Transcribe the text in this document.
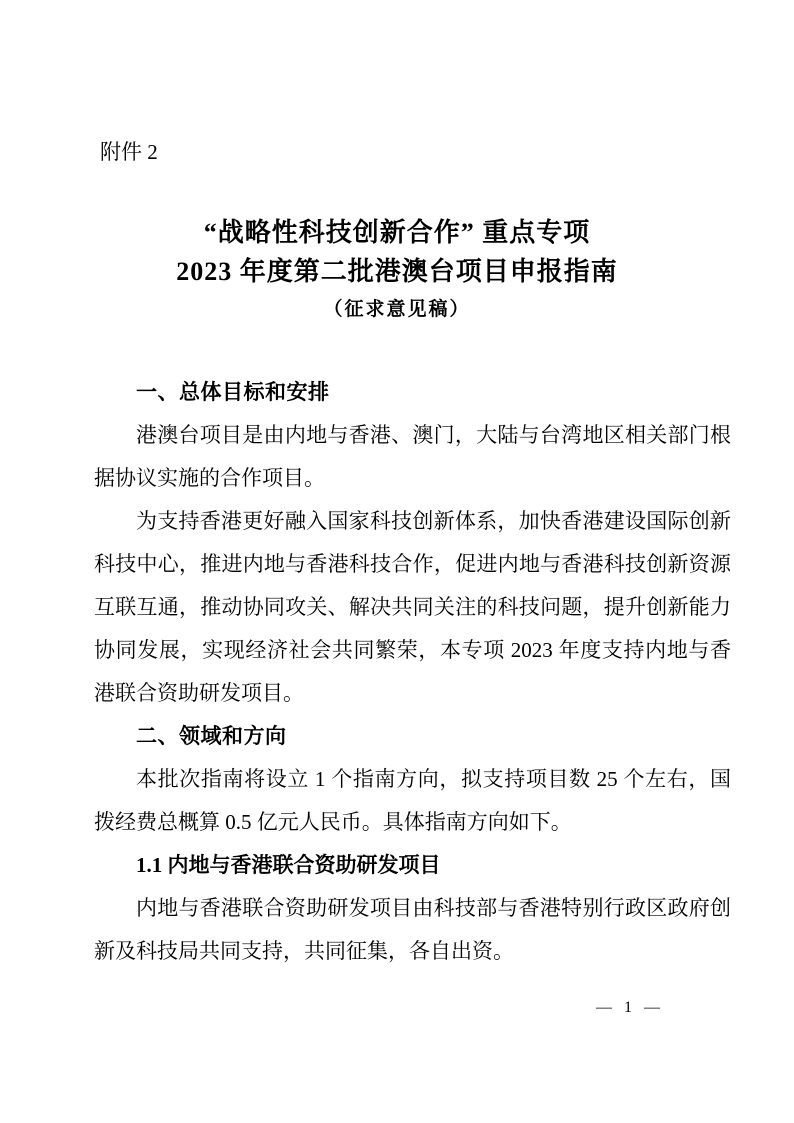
附件 2
“战略性科技创新合作” 重点专项
2023 年度第二批港澳台项目申报指南
（征求意见稿）
一、总体目标和安排

港澳台项目是由内地与香港、澳门，大陆与台湾地区相关部门根据协议实施的合作项目。

为支持香港更好融入国家科技创新体系，加快香港建设国际创新科技中心，推进内地与香港科技合作，促进内地与香港科技创新资源互联互通，推动协同攻关、解决共同关注的科技问题，提升创新能力协同发展，实现经济社会共同繁荣，本专项 2023 年度支持内地与香港联合资助研发项目。

二、领域和方向

本批次指南将设立 1 个指南方向，拟支持项目数 25 个左右，国拨经费总概算 0.5 亿元人民币。具体指南方向如下。

1.1 内地与香港联合资助研发项目

内地与香港联合资助研发项目由科技部与香港特别行政区政府创新及科技局共同支持，共同征集，各自出资。

— 1 —
